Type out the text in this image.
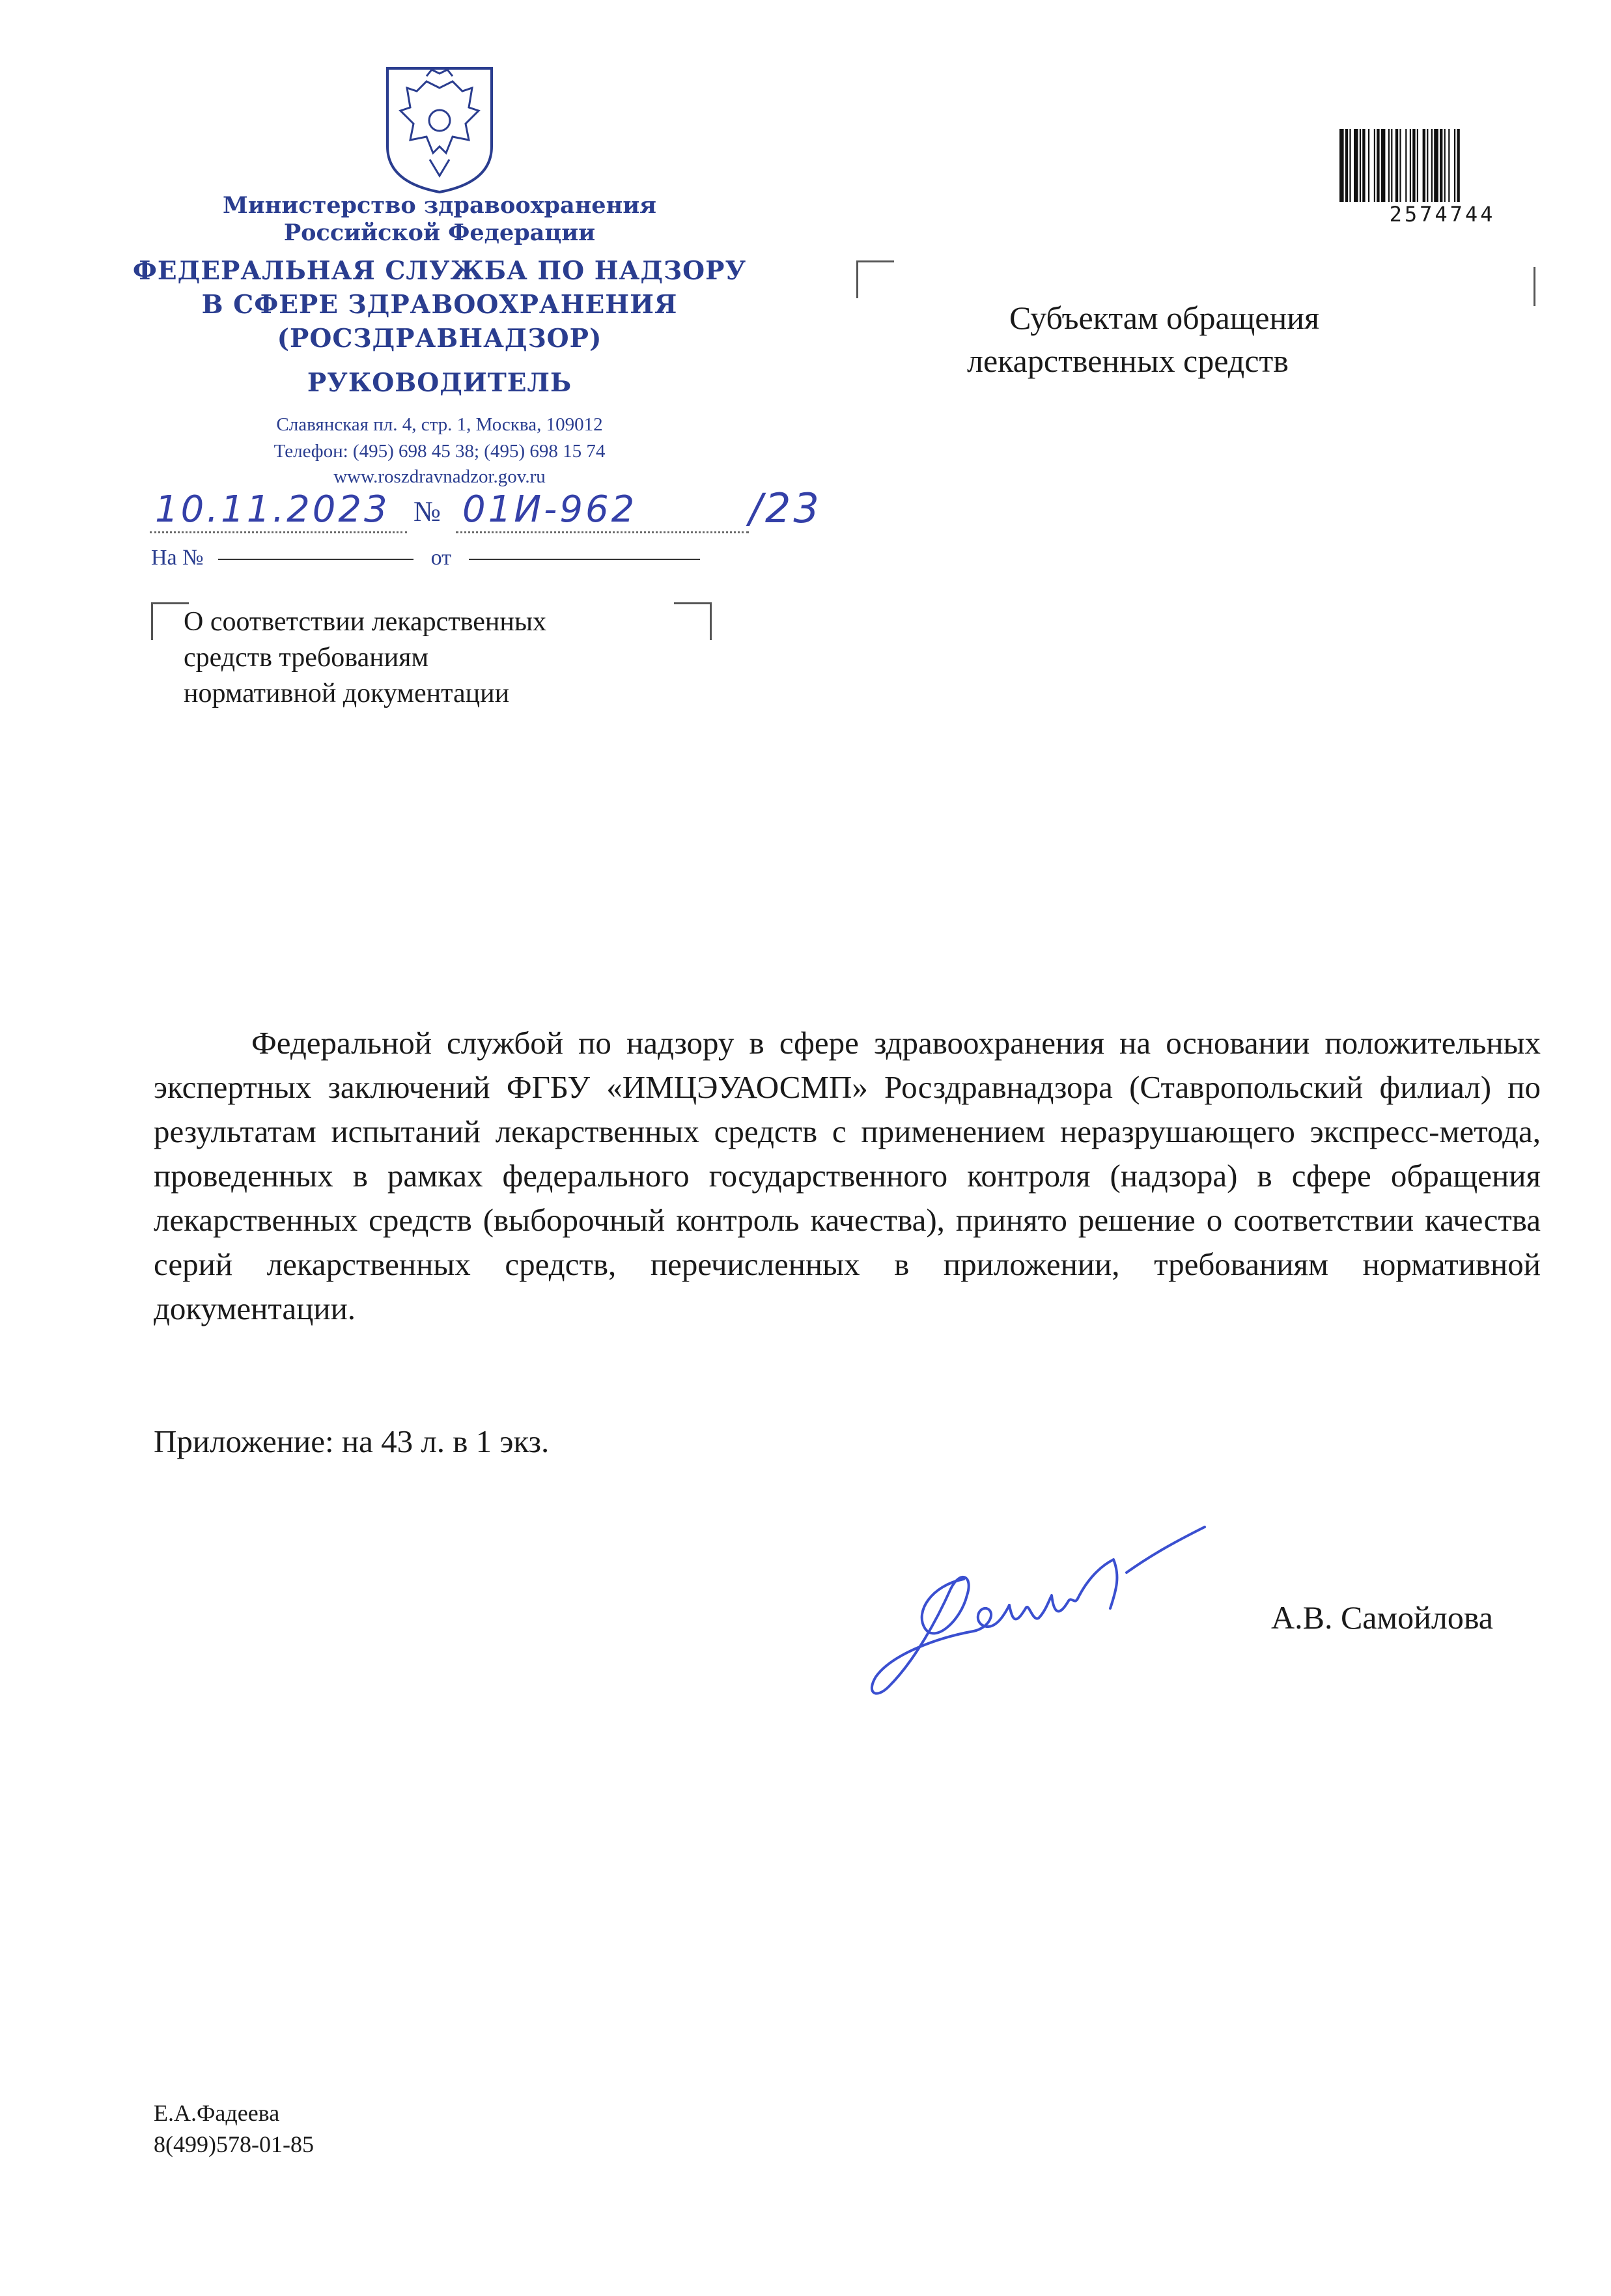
Министерство здравоохранения
Российской Федерации
ФЕДЕРАЛЬНАЯ СЛУЖБА ПО НАДЗОРУ
В СФЕРЕ ЗДРАВООХРАНЕНИЯ
(РОСЗДРАВНАДЗОР)
РУКОВОДИТЕЛЬ
Славянская пл. 4, стр. 1, Москва, 109012
Телефон: (495) 698 45 38; (495) 698 15 74
www.roszdravnadzor.gov.ru
10.11.2023 № 01И-962	/23
На №	от
О соответствии лекарственных
средств требованиям
нормативной документации
Субъектам обращения
лекарственных средств
2574744
Федеральной службой по надзору в сфере здравоохранения на основании положительных экспертных заключений ФГБУ «ИМЦЭУАОСМП» Росздравнадзора (Ставропольский филиал) по результатам испытаний лекарственных средств с применением неразрушающего экспресс-метода, проведенных в рамках федерального государственного контроля (надзора) в сфере обращения лекарственных средств (выборочный контроль качества), принято решение о соответствии качества серий лекарственных средств, перечисленных в приложении, требованиям нормативной документации.
Приложение: на 43 л. в 1 экз.
А.В. Самойлова
Е.А.Фадеева
8(499)578-01-85
